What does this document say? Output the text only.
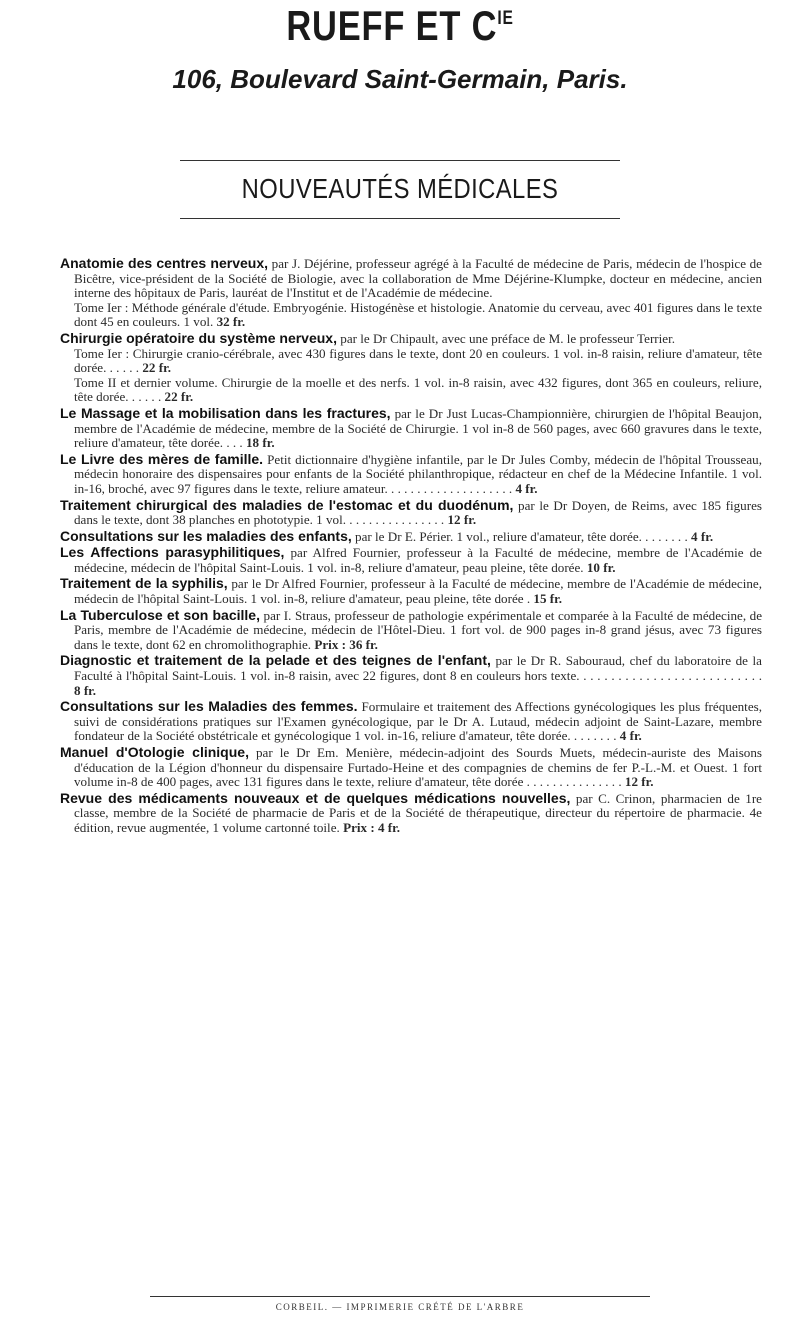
RUEFF ET $C^{IE}$
106, Boulevard Saint-Germain, Paris.
NOUVEAUTÉS MÉDICALES

Anatomie des centres nerveux, par J. Déjérine, professeur agrégé à la Faculté de médecine de Paris, médecin de l'hospice de Bicêtre, vice-président de la Société de Biologie, avec la collaboration de Mme Déjérine-Klumpke, docteur en médecine, ancien interne des hôpitaux de Paris, lauréat de l'Institut et de l'Académie de médecine.
Tome Ier : Méthode générale d'étude. Embryogénie. Histogénèse et histologie. Anatomie du cerveau, avec 401 figures dans le texte dont 45 en couleurs. 1 vol. 32 fr.

Chirurgie opératoire du système nerveux, par le Dr Chipault, avec une préface de M. le professeur Terrier.
Tome Ier : Chirurgie cranio-cérébrale, avec 430 figures dans le texte, dont 20 en couleurs. 1 vol. in-8 raisin, reliure d'amateur, tête dorée. . . . . . 22 fr.
Tome II et dernier volume. Chirurgie de la moelle et des nerfs. 1 vol. in-8 raisin, avec 432 figures, dont 365 en couleurs, reliure, tête dorée. . . . . . 22 fr.

Le Massage et la mobilisation dans les fractures, par le Dr Just Lucas-Championnière, chirurgien de l'hôpital Beaujon, membre de l'Académie de médecine, membre de la Société de Chirurgie. 1 vol in-8 de 560 pages, avec 660 gravures dans le texte, reliure d'amateur, tête dorée. . . . 18 fr.

Le Livre des mères de famille. Petit dictionnaire d'hygiène infantile, par le Dr Jules Comby, médecin de l'hôpital Trousseau, médecin honoraire des dispensaires pour enfants de la Société philanthropique, rédacteur en chef de la Médecine Infantile. 1 vol. in-16, broché, avec 97 figures dans le texte, reliure amateur. . . . . . . . . . . . . . . . . . . . 4 fr.

Traitement chirurgical des maladies de l'estomac et du duodénum, par le Dr Doyen, de Reims, avec 185 figures dans le texte, dont 38 planches en phototypie. 1 vol. . . . . . . . . . . . . . . . 12 fr.

Consultations sur les maladies des enfants, par le Dr E. Périer. 1 vol., reliure d'amateur, tête dorée. . . . . . . . 4 fr.

Les Affections parasyphilitiques, par Alfred Fournier, professeur à la Faculté de médecine, membre de l'Académie de médecine, médecin de l'hôpital Saint-Louis. 1 vol. in-8, reliure d'amateur, peau pleine, tête dorée. 10 fr.

Traitement de la syphilis, par le Dr Alfred Fournier, professeur à la Faculté de médecine, membre de l'Académie de médecine, médecin de l'hôpital Saint-Louis. 1 vol. in-8, reliure d'amateur, peau pleine, tête dorée . 15 fr.

La Tuberculose et son bacille, par I. Straus, professeur de pathologie expérimentale et comparée à la Faculté de médecine, de Paris, membre de l'Académie de médecine, médecin de l'Hôtel-Dieu. 1 fort vol. de 900 pages in-8 grand jésus, avec 73 figures dans le texte, dont 62 en chromolithographie. Prix : 36 fr.

Diagnostic et traitement de la pelade et des teignes de l'enfant, par le Dr R. Sabouraud, chef du laboratoire de la Faculté à l'hôpital Saint-Louis. 1 vol. in-8 raisin, avec 22 figures, dont 8 en couleurs hors texte. . . . . . . . . . . . . . . . . . . . . . . . . . . 8 fr.

Consultations sur les Maladies des femmes. Formulaire et traitement des Affections gynécologiques les plus fréquentes, suivi de considérations pratiques sur l'Examen gynécologique, par le Dr A. Lutaud, médecin adjoint de Saint-Lazare, membre fondateur de la Société obstétricale et gynécologique 1 vol. in-16, reliure d'amateur, tête dorée. . . . . . . . 4 fr.

Manuel d'Otologie clinique, par le Dr Em. Menière, médecin-adjoint des Sourds Muets, médecin-auriste des Maisons d'éducation de la Légion d'honneur du dispensaire Furtado-Heine et des compagnies de chemins de fer P.-L.-M. et Ouest. 1 fort volume in-8 de 400 pages, avec 131 figures dans le texte, reliure d'amateur, tête dorée . . . . . . . . . . . . . . . 12 fr.

Revue des médicaments nouveaux et de quelques médications nouvelles, par C. Crinon, pharmacien de 1re classe, membre de la Société de pharmacie de Paris et de la Société de thérapeutique, directeur du répertoire de pharmacie. 4e édition, revue augmentée, 1 volume cartonné toile. Prix : 4 fr.

CORBEIL. — IMPRIMERIE CRÉTÉ DE L'ARBRE
